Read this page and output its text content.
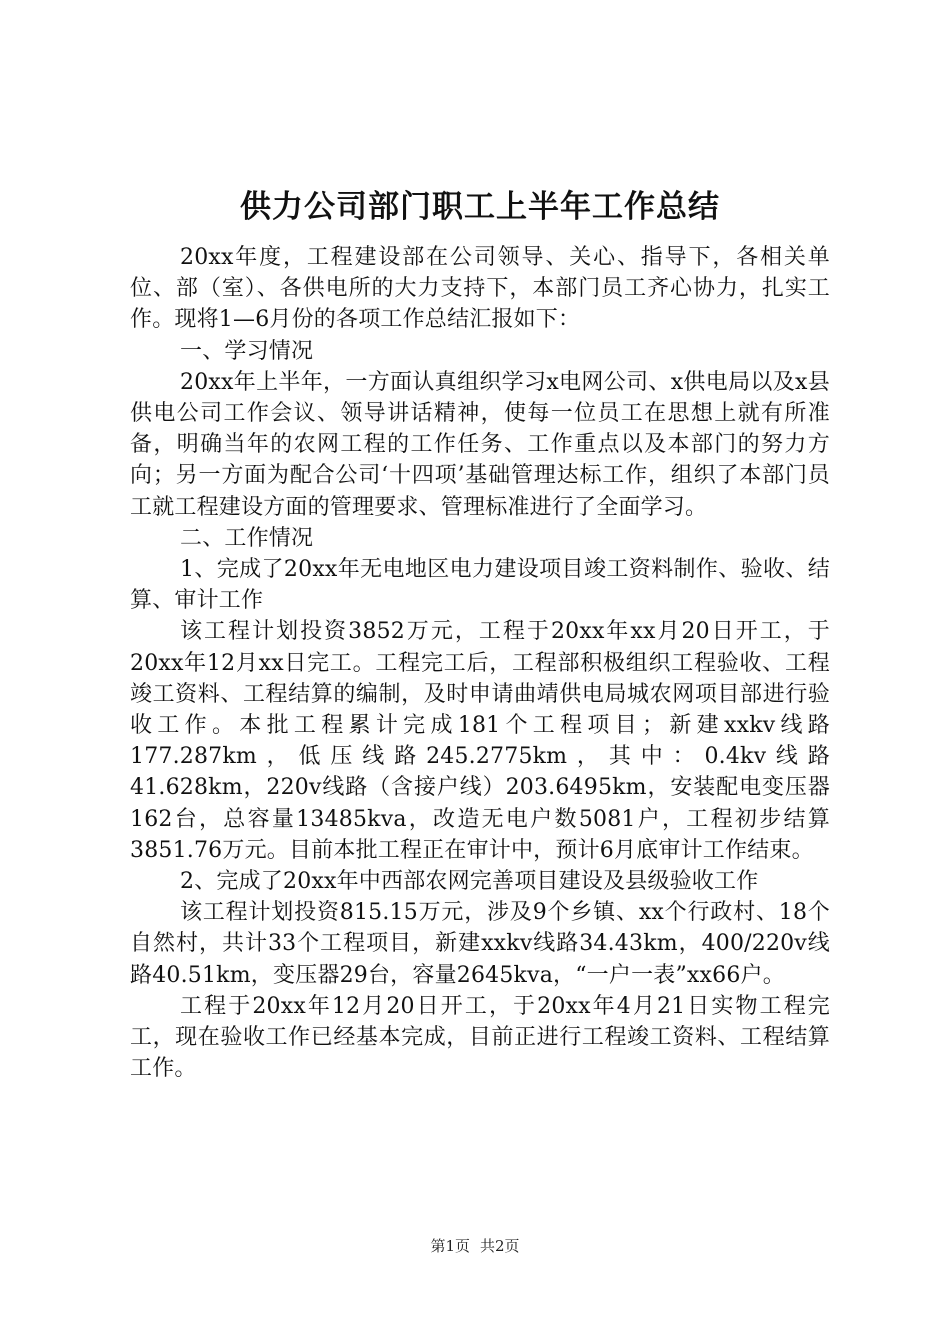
供力公司部门职工上半年工作总结

20xx年度，工程建设部在公司领导、关心、指导下，各相关单位、部（室）、各供电所的大力支持下，本部门员工齐心协力，扎实工作。现将1—6月份的各项工作总结汇报如下：

一、学习情况

20xx年上半年，一方面认真组织学习x电网公司、x供电局以及x县供电公司工作会议、领导讲话精神，使每一位员工在思想上就有所准备，明确当年的农网工程的工作任务、工作重点以及本部门的努力方向；另一方面为配合公司‘十四项’基础管理达标工作，组织了本部门员工就工程建设方面的管理要求、管理标准进行了全面学习。

二、工作情况

1、完成了20xx年无电地区电力建设项目竣工资料制作、验收、结算、审计工作

该工程计划投资3852万元，工程于20xx年xx月20日开工，于20xx年12月xx日完工。工程完工后，工程部积极组织工程验收、工程竣工资料、工程结算的编制，及时申请曲靖供电局城农网项目部进行验收工作。本批工程累计完成181个工程项目；新建xxkv线路177.287km，低压线路245.2775km，其中：0.4kv线路41.628km，220v线路（含接户线）203.6495km，安装配电变压器162台，总容量13485kva，改造无电户数5081户，工程初步结算3851.76万元。目前本批工程正在审计中，预计6月底审计工作结束。

2、完成了20xx年中西部农网完善项目建设及县级验收工作

该工程计划投资815.15万元，涉及9个乡镇、xx个行政村、18个自然村，共计33个工程项目，新建xxkv线路34.43km，400/220v线路40.51km，变压器29台，容量2645kva，“一户一表”xx66户。

工程于20xx年12月20日开工，于20xx年4月21日实物工程完工，现在验收工作已经基本完成，目前正进行工程竣工资料、工程结算工作。

第1页 共2页
